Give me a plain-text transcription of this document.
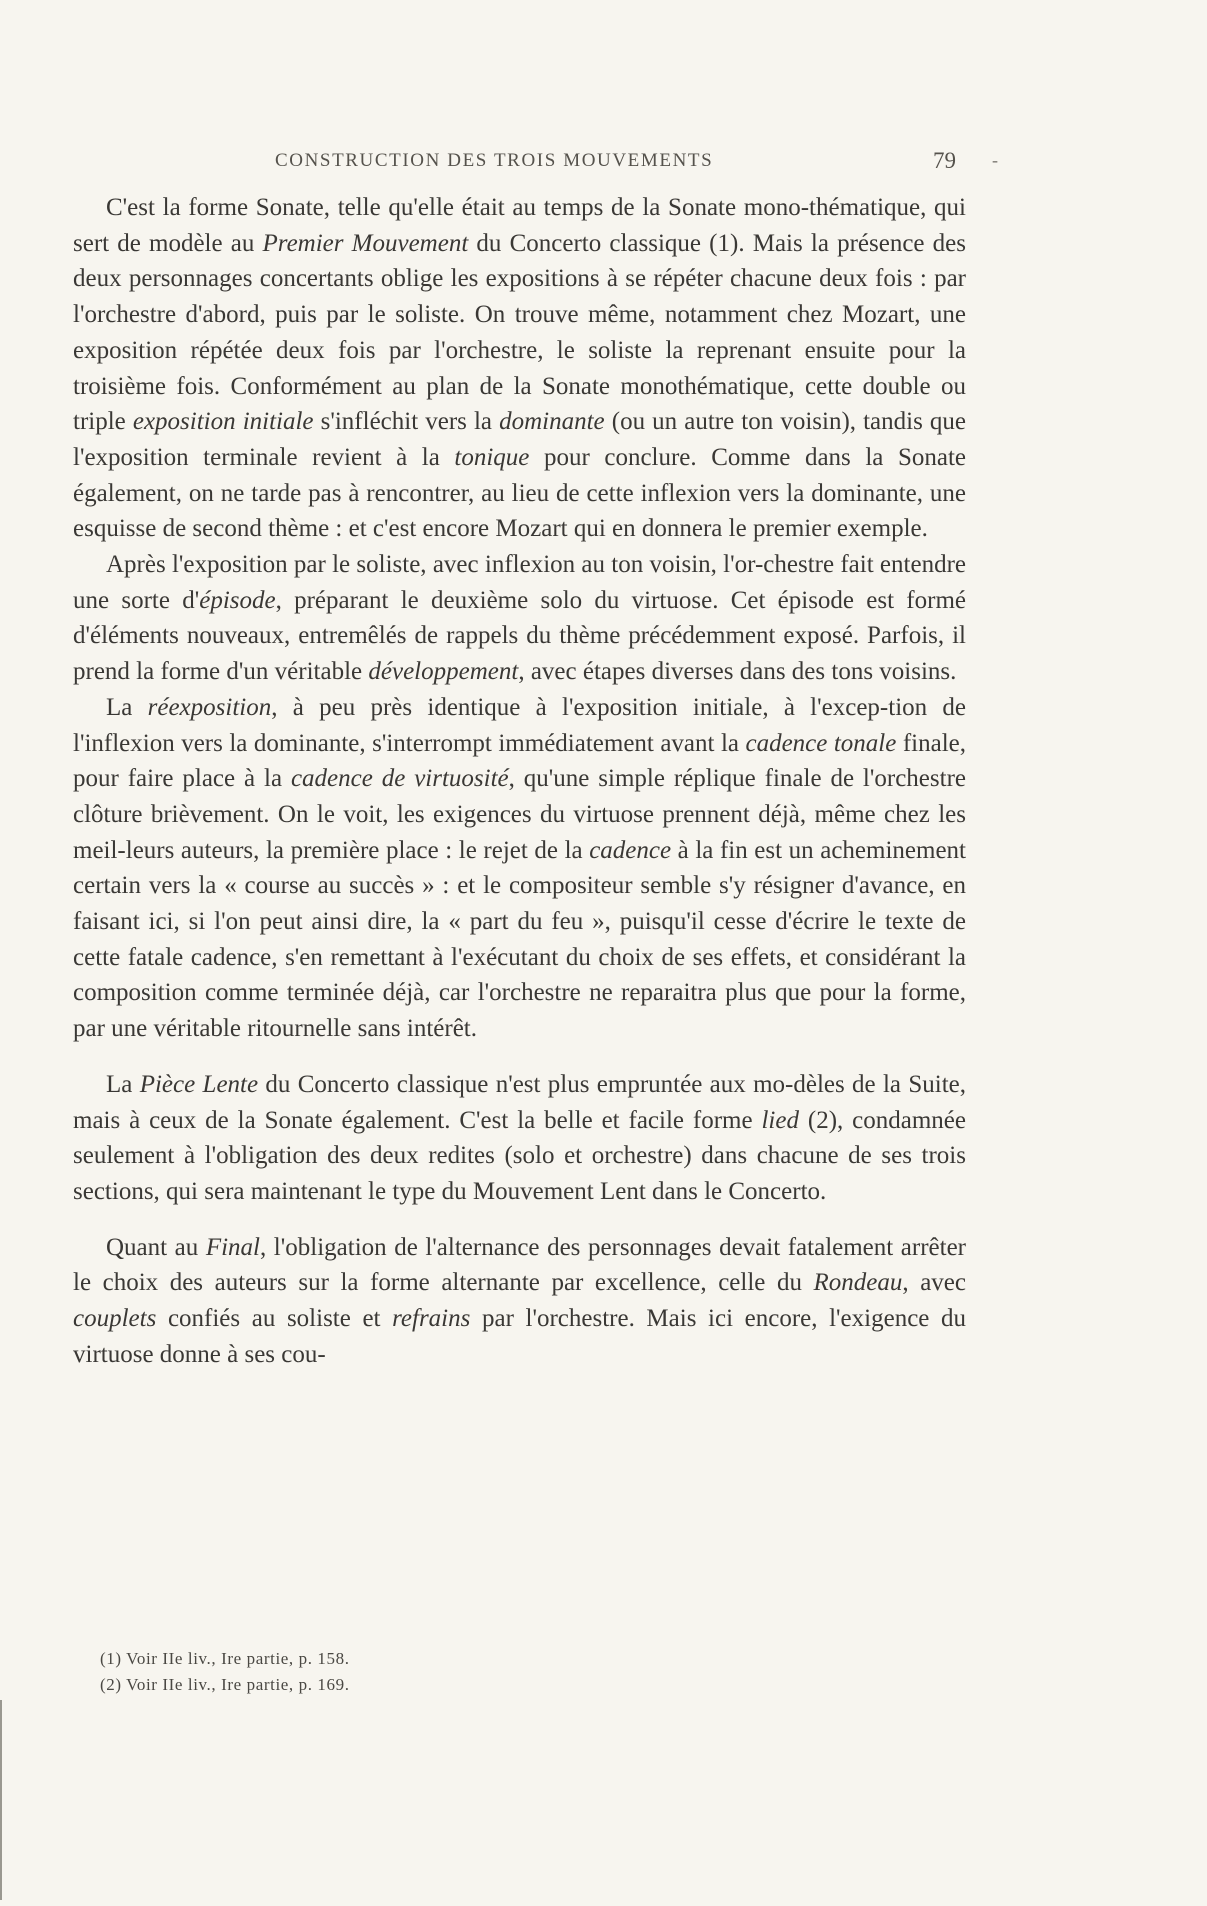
CONSTRUCTION DES TROIS MOUVEMENTS	79 -

C'est la forme Sonate, telle qu'elle était au temps de la Sonate mono-thématique, qui sert de modèle au Premier Mouvement du Concerto classique (1). Mais la présence des deux personnages concertants oblige les expositions à se répéter chacune deux fois : par l'orchestre d'abord, puis par le soliste. On trouve même, notamment chez Mozart, une exposition répétée deux fois par l'orchestre, le soliste la reprenant ensuite pour la troisième fois. Conformément au plan de la Sonate monothématique, cette double ou triple exposition initiale s'infléchit vers la dominante (ou un autre ton voisin), tandis que l'exposition terminale revient à la tonique pour conclure. Comme dans la Sonate également, on ne tarde pas à rencontrer, au lieu de cette inflexion vers la dominante, une esquisse de second thème : et c'est encore Mozart qui en donnera le premier exemple.

Après l'exposition par le soliste, avec inflexion au ton voisin, l'or-chestre fait entendre une sorte d'épisode, préparant le deuxième solo du virtuose. Cet épisode est formé d'éléments nouveaux, entremêlés de rappels du thème précédemment exposé. Parfois, il prend la forme d'un véritable développement, avec étapes diverses dans des tons voisins.

La réexposition, à peu près identique à l'exposition initiale, à l'excep-tion de l'inflexion vers la dominante, s'interrompt immédiatement avant la cadence tonale finale, pour faire place à la cadence de virtuosité, qu'une simple réplique finale de l'orchestre clôture brièvement. On le voit, les exigences du virtuose prennent déjà, même chez les meil-leurs auteurs, la première place : le rejet de la cadence à la fin est un acheminement certain vers la « course au succès » : et le compositeur semble s'y résigner d'avance, en faisant ici, si l'on peut ainsi dire, la « part du feu », puisqu'il cesse d'écrire le texte de cette fatale cadence, s'en remettant à l'exécutant du choix de ses effets, et considérant la composition comme terminée déjà, car l'orchestre ne reparaitra plus que pour la forme, par une véritable ritournelle sans intérêt.

La Pièce Lente du Concerto classique n'est plus empruntée aux mo-dèles de la Suite, mais à ceux de la Sonate également. C'est la belle et facile forme lied (2), condamnée seulement à l'obligation des deux redites (solo et orchestre) dans chacune de ses trois sections, qui sera maintenant le type du Mouvement Lent dans le Concerto.

Quant au Final, l'obligation de l'alternance des personnages devait fatalement arrêter le choix des auteurs sur la forme alternante par excellence, celle du Rondeau, avec couplets confiés au soliste et refrains par l'orchestre. Mais ici encore, l'exigence du virtuose donne à ses cou-

(1) Voir IIe liv., Ire partie, p. 158.

(2) Voir IIe liv., Ire partie, p. 169.
